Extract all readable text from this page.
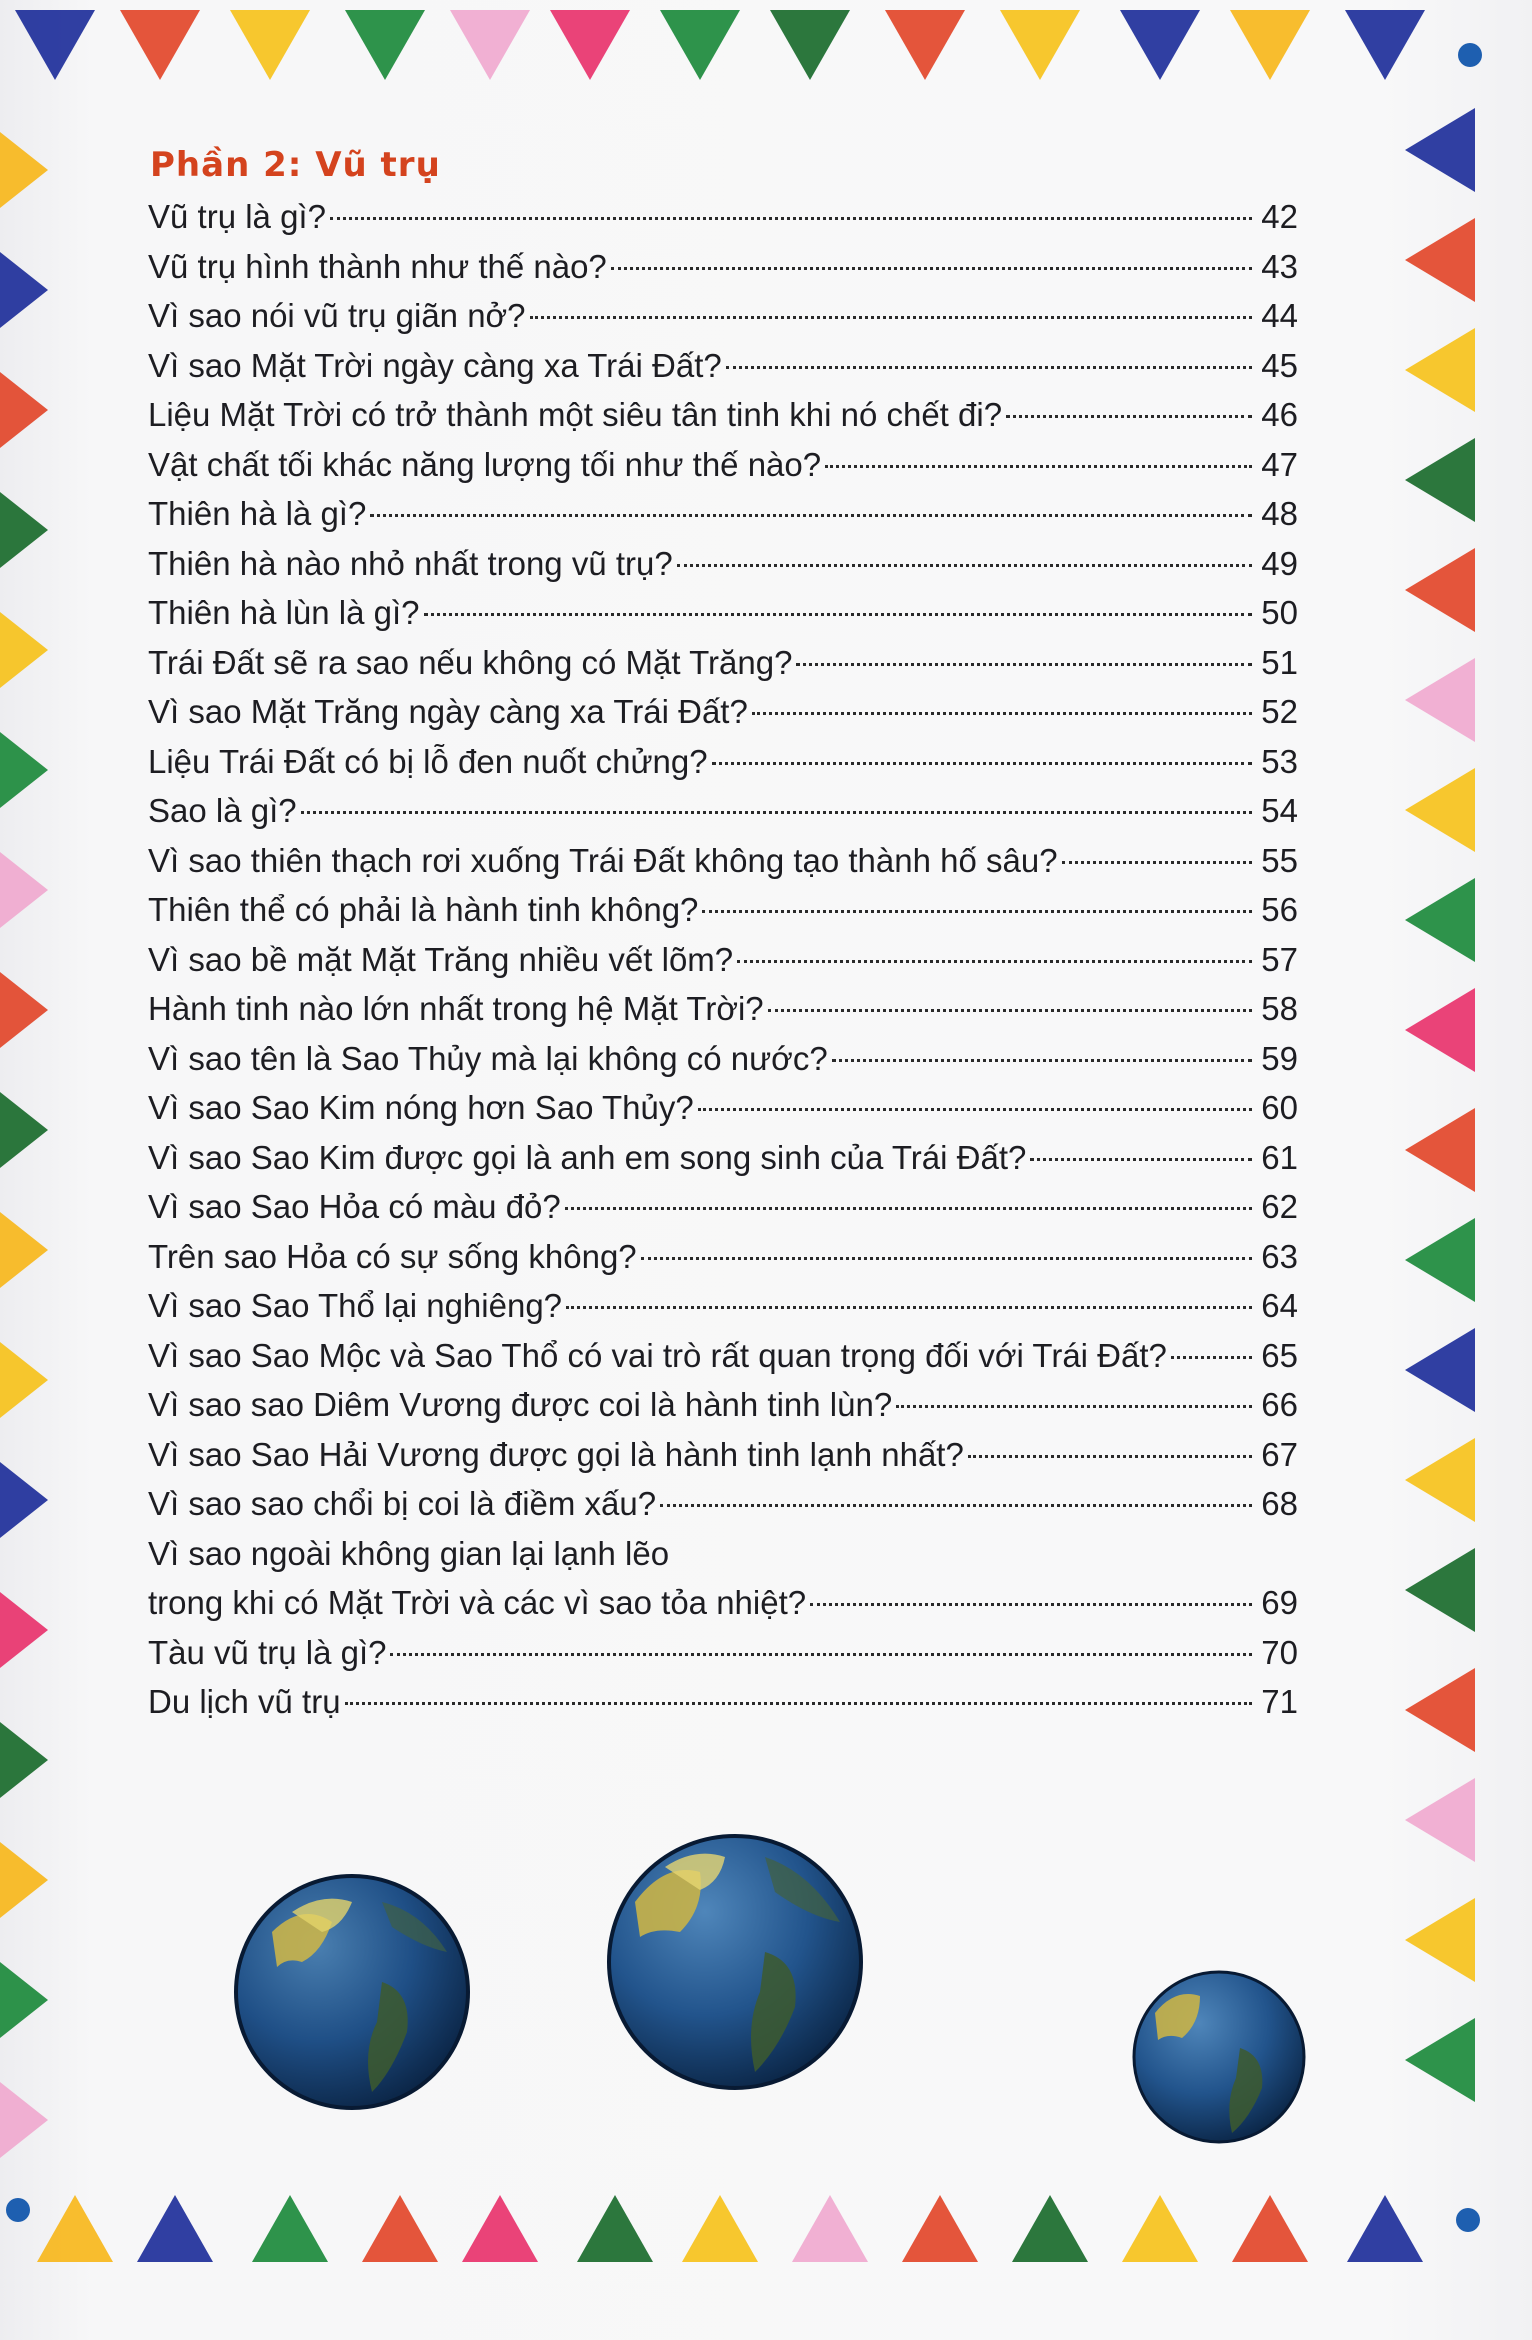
Phần 2: Vũ trụ
Vũ trụ là gì?	42
Vũ trụ hình thành như thế nào?	43
Vì sao nói vũ trụ giãn nở?	44
Vì sao Mặt Trời ngày càng xa Trái Đất?	45
Liệu Mặt Trời có trở thành một siêu tân tinh khi nó chết đi?	46
Vật chất tối khác năng lượng tối như thế nào?	47
Thiên hà là gì?	48
Thiên hà nào nhỏ nhất trong vũ trụ?	49
Thiên hà lùn là gì?	50
Trái Đất sẽ ra sao nếu không có Mặt Trăng?	51
Vì sao Mặt Trăng ngày càng xa Trái Đất?	52
Liệu Trái Đất có bị lỗ đen nuốt chửng?	53
Sao là gì?	54
Vì sao thiên thạch rơi xuống Trái Đất không tạo thành hố sâu?	55
Thiên thể có phải là hành tinh không?	56
Vì sao bề mặt Mặt Trăng nhiều vết lõm?	57
Hành tinh nào lớn nhất trong hệ Mặt Trời?	58
Vì sao tên là Sao Thủy mà lại không có nước?	59
Vì sao Sao Kim nóng hơn Sao Thủy?	60
Vì sao Sao Kim được gọi là anh em song sinh của Trái Đất?	61
Vì sao Sao Hỏa có màu đỏ?	62
Trên sao Hỏa có sự sống không?	63
Vì sao Sao Thổ lại nghiêng?	64
Vì sao Sao Mộc và Sao Thổ có vai trò rất quan trọng đối với Trái Đất?	65
Vì sao sao Diêm Vương được coi là hành tinh lùn?	66
Vì sao Sao Hải Vương được gọi là hành tinh lạnh nhất?	67
Vì sao sao chổi bị coi là điềm xấu?	68
Vì sao ngoài không gian lại lạnh lẽo
trong khi có Mặt Trời và các vì sao tỏa nhiệt?	69
Tàu vũ trụ là gì?	70
Du lịch vũ trụ	71
